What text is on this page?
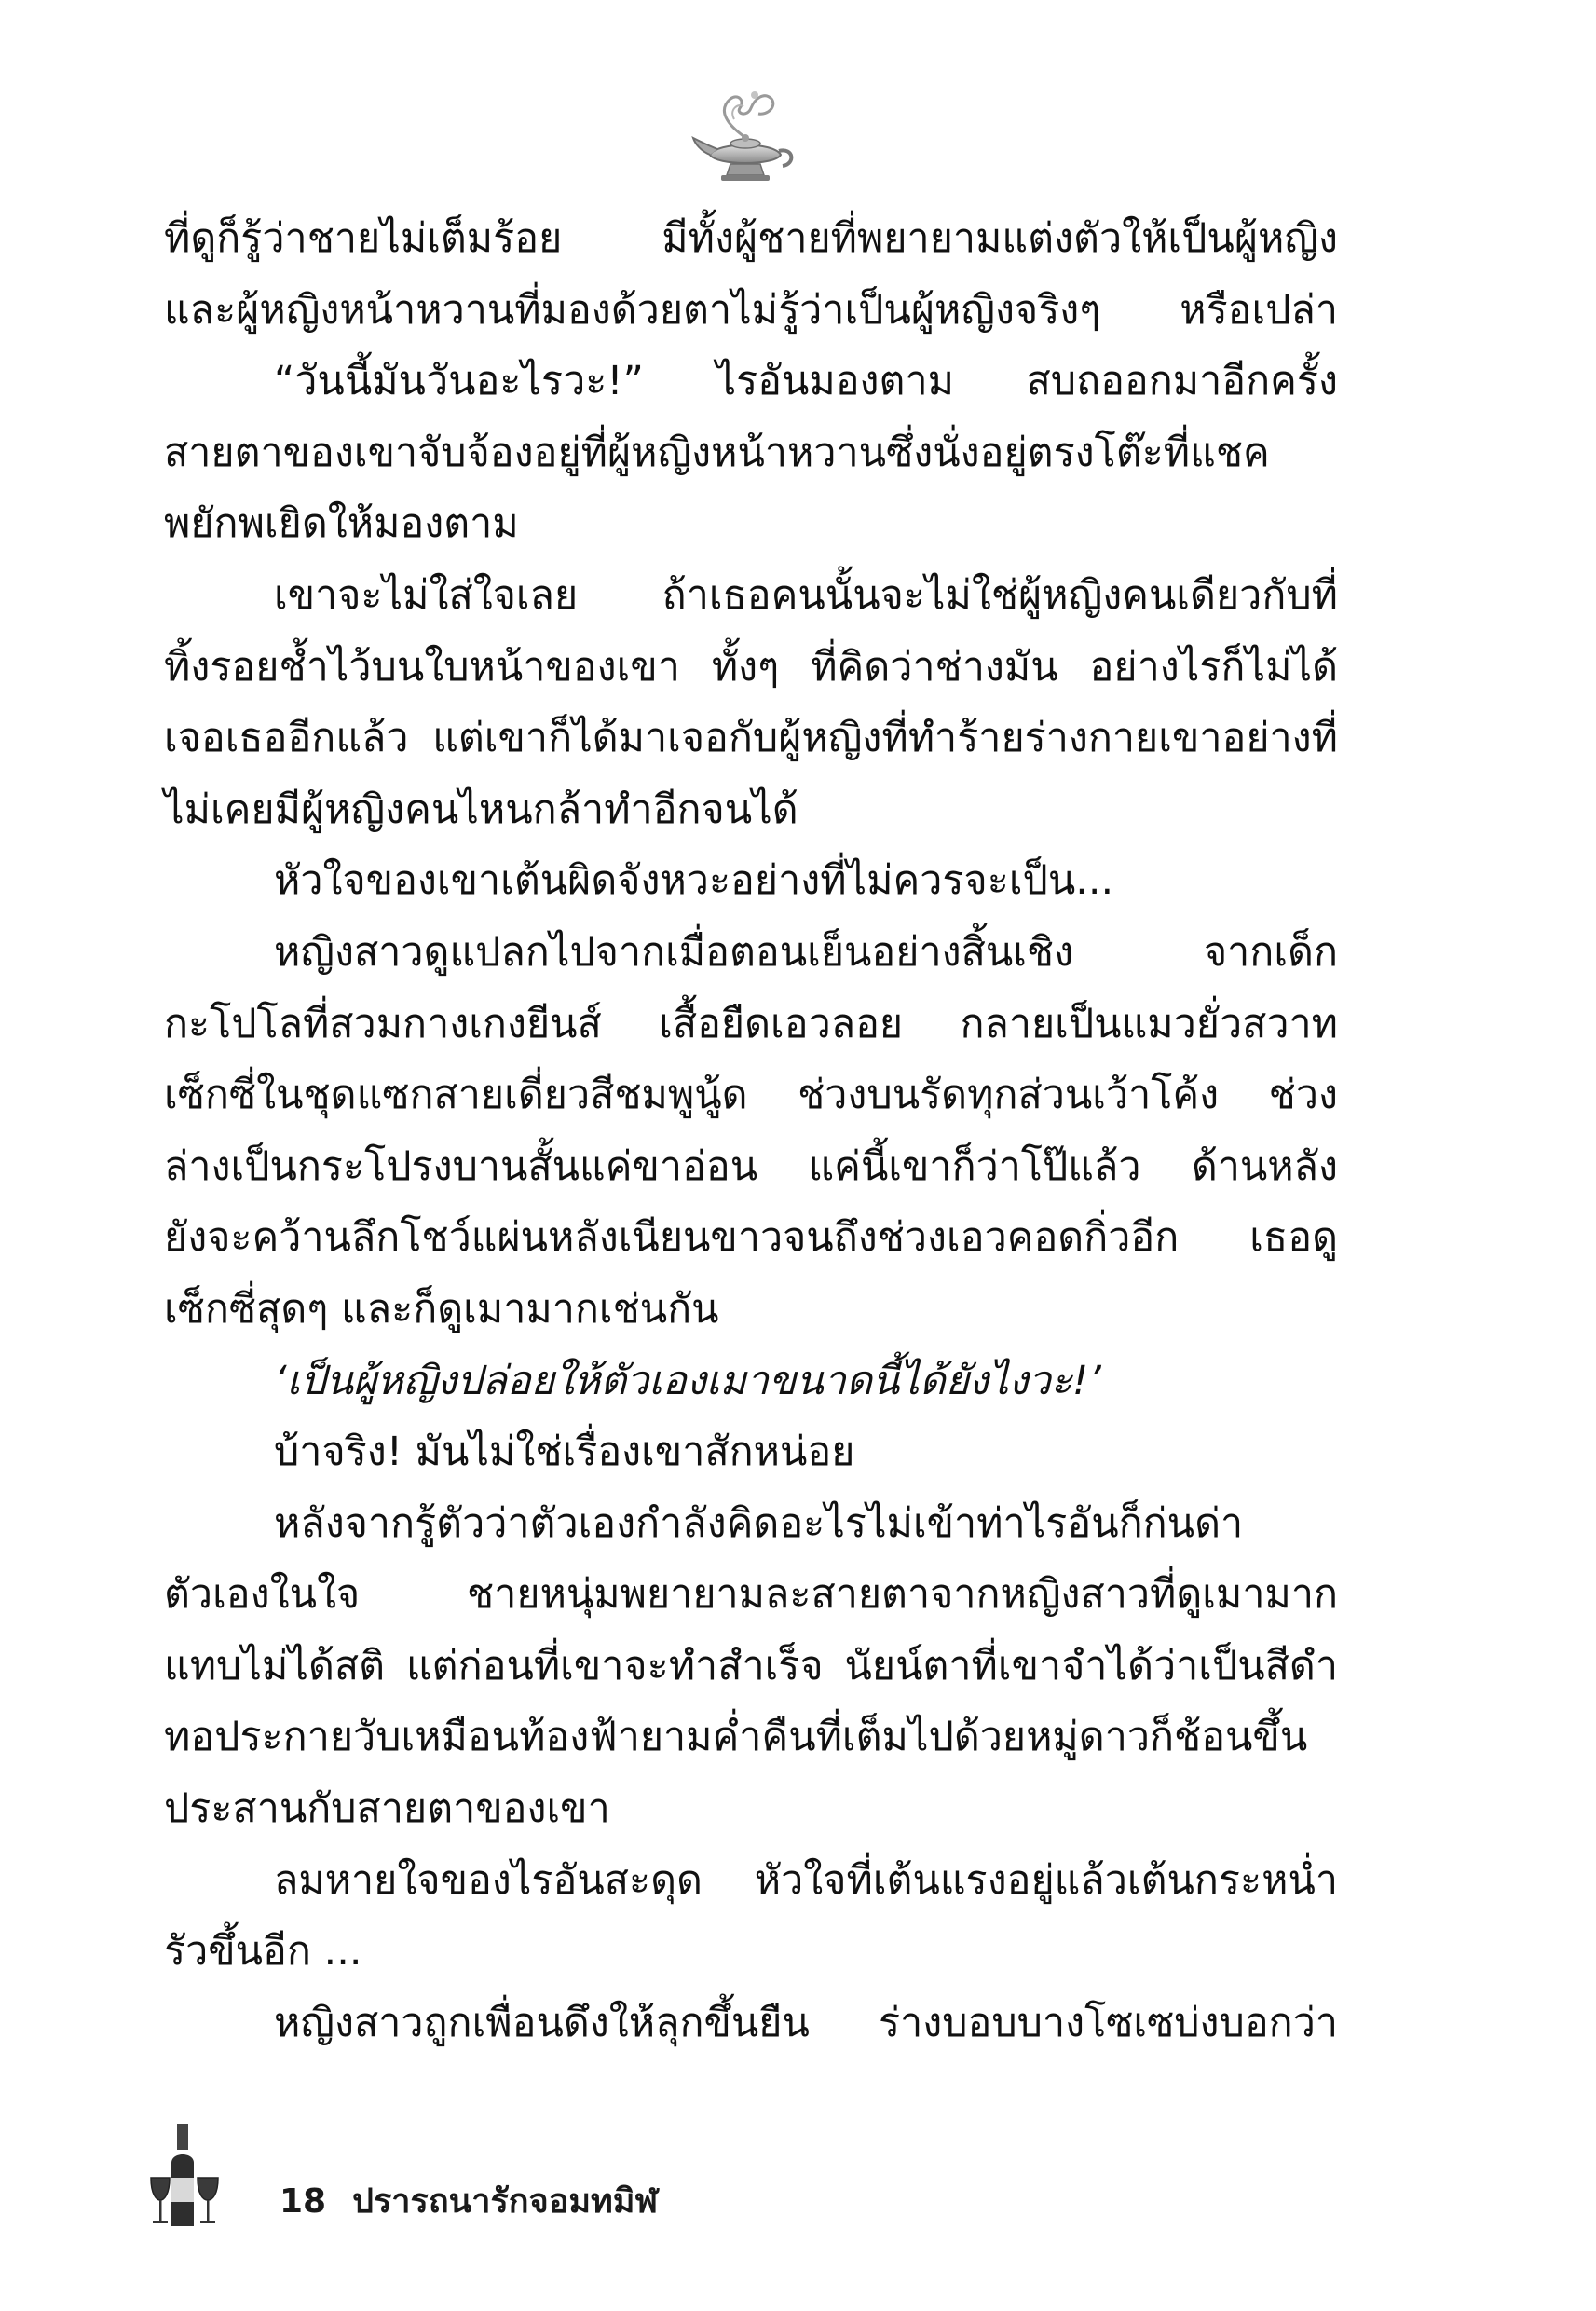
ที่ดูก็รู้ว่าชายไม่เต็มร้อย มีทั้งผู้ชายที่พยายามแต่งตัวให้เป็นผู้หญิง
และผู้หญิงหน้าหวานที่มองด้วยตาไม่รู้ว่าเป็นผู้หญิงจริงๆ หรือเปล่า
“วันนี้มันวันอะไรวะ!” ไรอันมองตาม สบถออกมาอีกครั้ง
สายตาของเขาจับจ้องอยู่ที่ผู้หญิงหน้าหวานซึ่งนั่งอยู่ตรงโต๊ะที่แชค
พยักพเยิดให้มองตาม
เขาจะไม่ใส่ใจเลย ถ้าเธอคนนั้นจะไม่ใช่ผู้หญิงคนเดียวกับที่
ทิ้งรอยช้ำไว้บนใบหน้าของเขา ทั้งๆ ที่คิดว่าช่างมัน อย่างไรก็ไม่ได้
เจอเธออีกแล้ว แต่เขาก็ได้มาเจอกับผู้หญิงที่ทำร้ายร่างกายเขาอย่างที่
ไม่เคยมีผู้หญิงคนไหนกล้าทำอีกจนได้
หัวใจของเขาเต้นผิดจังหวะอย่างที่ไม่ควรจะเป็น...
หญิงสาวดูแปลกไปจากเมื่อตอนเย็นอย่างสิ้นเชิง จากเด็ก
กะโปโลที่สวมกางเกงยีนส์ เสื้อยืดเอวลอย กลายเป็นแมวยั่วสวาท
เซ็กซี่ในชุดแซกสายเดี่ยวสีชมพูนู้ด ช่วงบนรัดทุกส่วนเว้าโค้ง ช่วง
ล่างเป็นกระโปรงบานสั้นแค่ขาอ่อน แค่นี้เขาก็ว่าโป๊แล้ว ด้านหลัง
ยังจะคว้านลึกโชว์แผ่นหลังเนียนขาวจนถึงช่วงเอวคอดกิ่วอีก เธอดู
เซ็กซี่สุดๆ และก็ดูเมามากเช่นกัน
‘เป็นผู้หญิงปล่อยให้ตัวเองเมาขนาดนี้ได้ยังไงวะ!’
บ้าจริง! มันไม่ใช่เรื่องเขาสักหน่อย
หลังจากรู้ตัวว่าตัวเองกำลังคิดอะไรไม่เข้าท่าไรอันก็ก่นด่า
ตัวเองในใจ ชายหนุ่มพยายามละสายตาจากหญิงสาวที่ดูเมามาก
แทบไม่ได้สติ แต่ก่อนที่เขาจะทำสำเร็จ นัยน์ตาที่เขาจำได้ว่าเป็นสีดำ
ทอประกายวับเหมือนท้องฟ้ายามค่ำคืนที่เต็มไปด้วยหมู่ดาวก็ช้อนขึ้น
ประสานกับสายตาของเขา
ลมหายใจของไรอันสะดุด หัวใจที่เต้นแรงอยู่แล้วเต้นกระหน่ำ
รัวขึ้นอีก ...
หญิงสาวถูกเพื่อนดึงให้ลุกขึ้นยืน ร่างบอบบางโซเซบ่งบอกว่า
18 ปรารถนารักจอมทมิฬ
